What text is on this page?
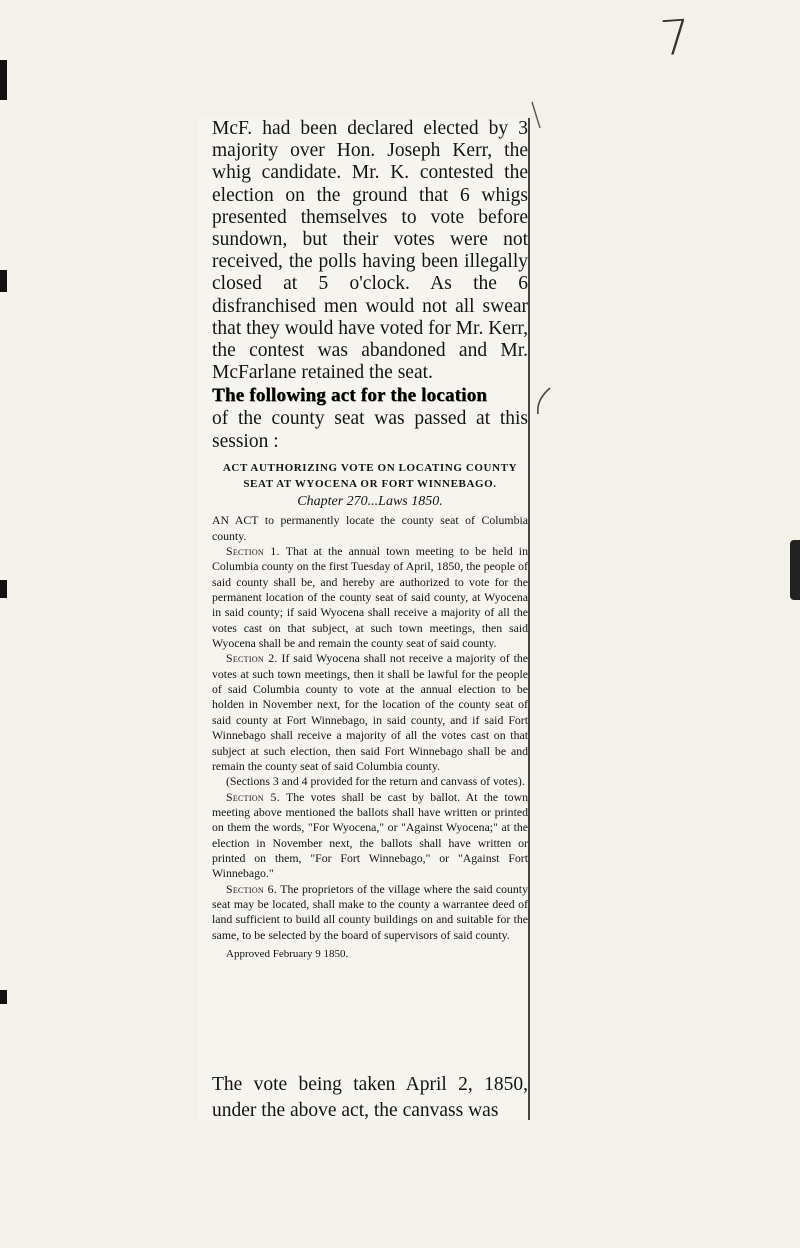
7

McF. had been declared elected by 3 majority over Hon. Joseph Kerr, the whig candidate. Mr. K. contested the election on the ground that 6 whigs presented themselves to vote before sundown, but their votes were not received, the polls having been illegally closed at 5 o'clock. As the 6 disfranchised men would not all swear that they would have voted for Mr. Kerr, the contest was abandoned and Mr. McFarlane retained the seat.

The following act for the location

of the county seat was passed at this session :

ACT AUTHORIZING VOTE ON LOCATING COUNTY

SEAT AT WYOCENA OR FORT WINNEBAGO.

Chapter 270...Laws 1850.

AN ACT to permanently locate the county seat of Columbia county.

Section 1. That at the annual town meeting to be held in Columbia county on the first Tuesday of April, 1850, the people of said county shall be, and hereby are authorized to vote for the permanent location of the county seat of said county, at Wyocena in said county; if said Wyocena shall receive a majority of all the votes cast on that subject, at such town meetings, then said Wyocena shall be and remain the county seat of said county.

Section 2. If said Wyocena shall not receive a majority of the votes at such town meetings, then it shall be lawful for the people of said Columbia county to vote at the annual election to be holden in November next, for the location of the county seat of said county at Fort Winnebago, in said county, and if said Fort Winnebago shall receive a majority of all the votes cast on that subject at such election, then said Fort Winnebago shall be and remain the county seat of said Columbia county.

(Sections 3 and 4 provided for the return and canvass of votes).

Section 5. The votes shall be cast by ballot. At the town meeting above mentioned the ballots shall have written or printed on them the words, "For Wyocena," or "Against Wyocena;" at the election in November next, the ballots shall have written or printed on them, "For Fort Winnebago," or "Against Fort Winnebago."

Section 6. The proprietors of the village where the said county seat may be located, shall make to the county a warrantee deed of land sufficient to build all county buildings on and suitable for the same, to be selected by the board of supervisors of said county.

Approved February 9 1850.

The vote being taken April 2, 1850, under the above act, the canvass was
